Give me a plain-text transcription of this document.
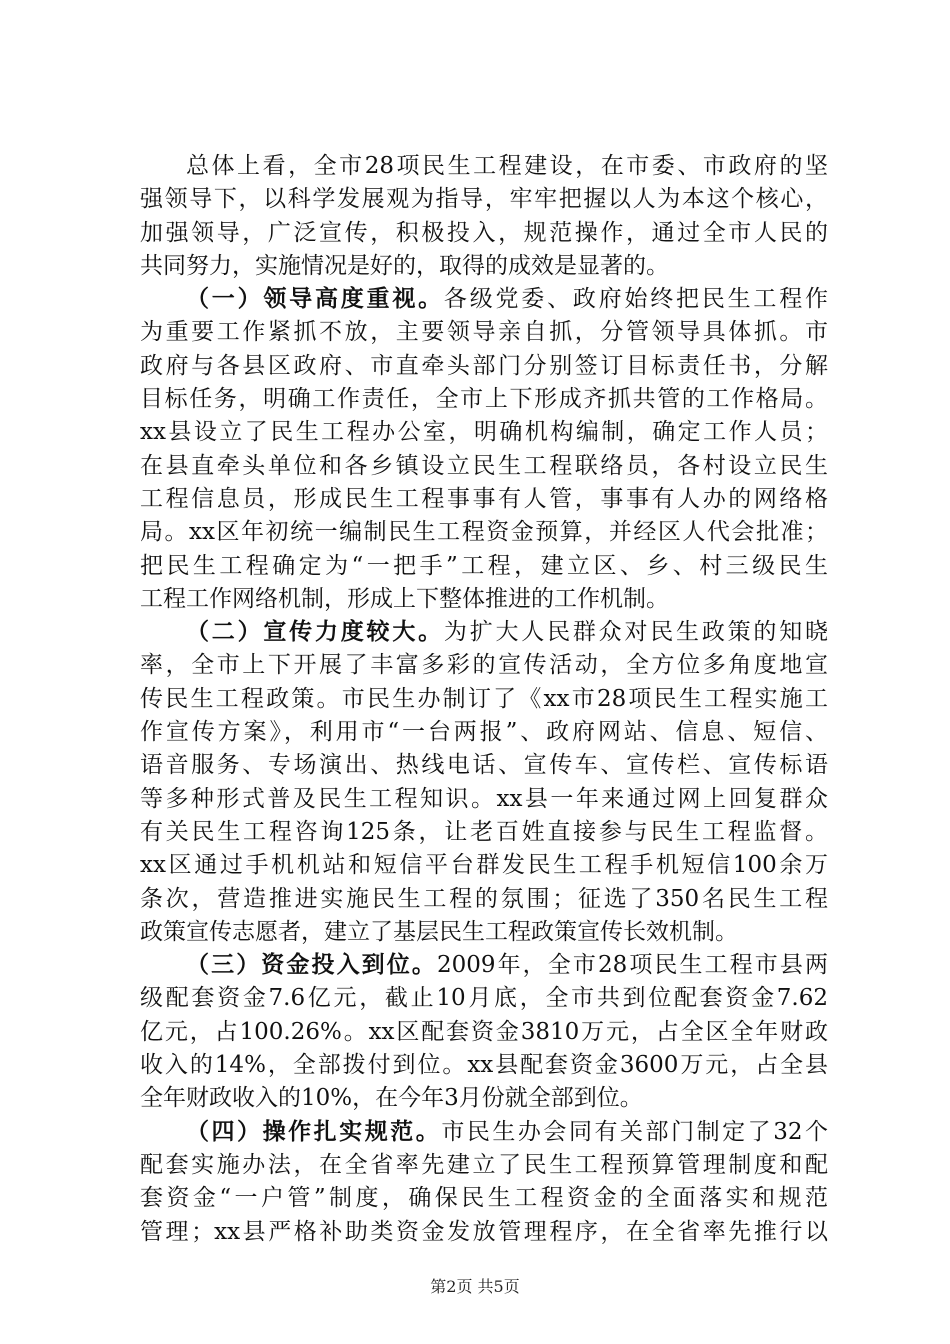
总体上看，全市28项民生工程建设，在市委、市政府的坚
强领导下，以科学发展观为指导，牢牢把握以人为本这个核心，
加强领导，广泛宣传，积极投入，规范操作，通过全市人民的
共同努力，实施情况是好的，取得的成效是显著的。
（一）领导高度重视。各级党委、政府始终把民生工程作
为重要工作紧抓不放，主要领导亲自抓，分管领导具体抓。市
政府与各县区政府、市直牵头部门分别签订目标责任书，分解
目标任务，明确工作责任，全市上下形成齐抓共管的工作格局。
xx县设立了民生工程办公室，明确机构编制，确定工作人员；
在县直牵头单位和各乡镇设立民生工程联络员，各村设立民生
工程信息员，形成民生工程事事有人管，事事有人办的网络格
局。xx区年初统一编制民生工程资金预算，并经区人代会批准；
把民生工程确定为“一把手”工程，建立区、乡、村三级民生
工程工作网络机制，形成上下整体推进的工作机制。
（二）宣传力度较大。为扩大人民群众对民生政策的知晓
率，全市上下开展了丰富多彩的宣传活动，全方位多角度地宣
传民生工程政策。市民生办制订了《xx市28项民生工程实施工
作宣传方案》，利用市“一台两报”、政府网站、信息、短信、
语音服务、专场演出、热线电话、宣传车、宣传栏、宣传标语
等多种形式普及民生工程知识。xx县一年来通过网上回复群众
有关民生工程咨询125条，让老百姓直接参与民生工程监督。
xx区通过手机机站和短信平台群发民生工程手机短信100余万
条次，营造推进实施民生工程的氛围；征选了350名民生工程
政策宣传志愿者，建立了基层民生工程政策宣传长效机制。
（三）资金投入到位。2009年，全市28项民生工程市县两
级配套资金7.6亿元，截止10月底，全市共到位配套资金7.62
亿元，占100.26%。xx区配套资金3810万元，占全区全年财政
收入的14%，全部拨付到位。xx县配套资金3600万元，占全县
全年财政收入的10%，在今年3月份就全部到位。
（四）操作扎实规范。市民生办会同有关部门制定了32个
配套实施办法，在全省率先建立了民生工程预算管理制度和配
套资金“一户管”制度，确保民生工程资金的全面落实和规范
管理；xx县严格补助类资金发放管理程序，在全省率先推行以
第2页 共5页
